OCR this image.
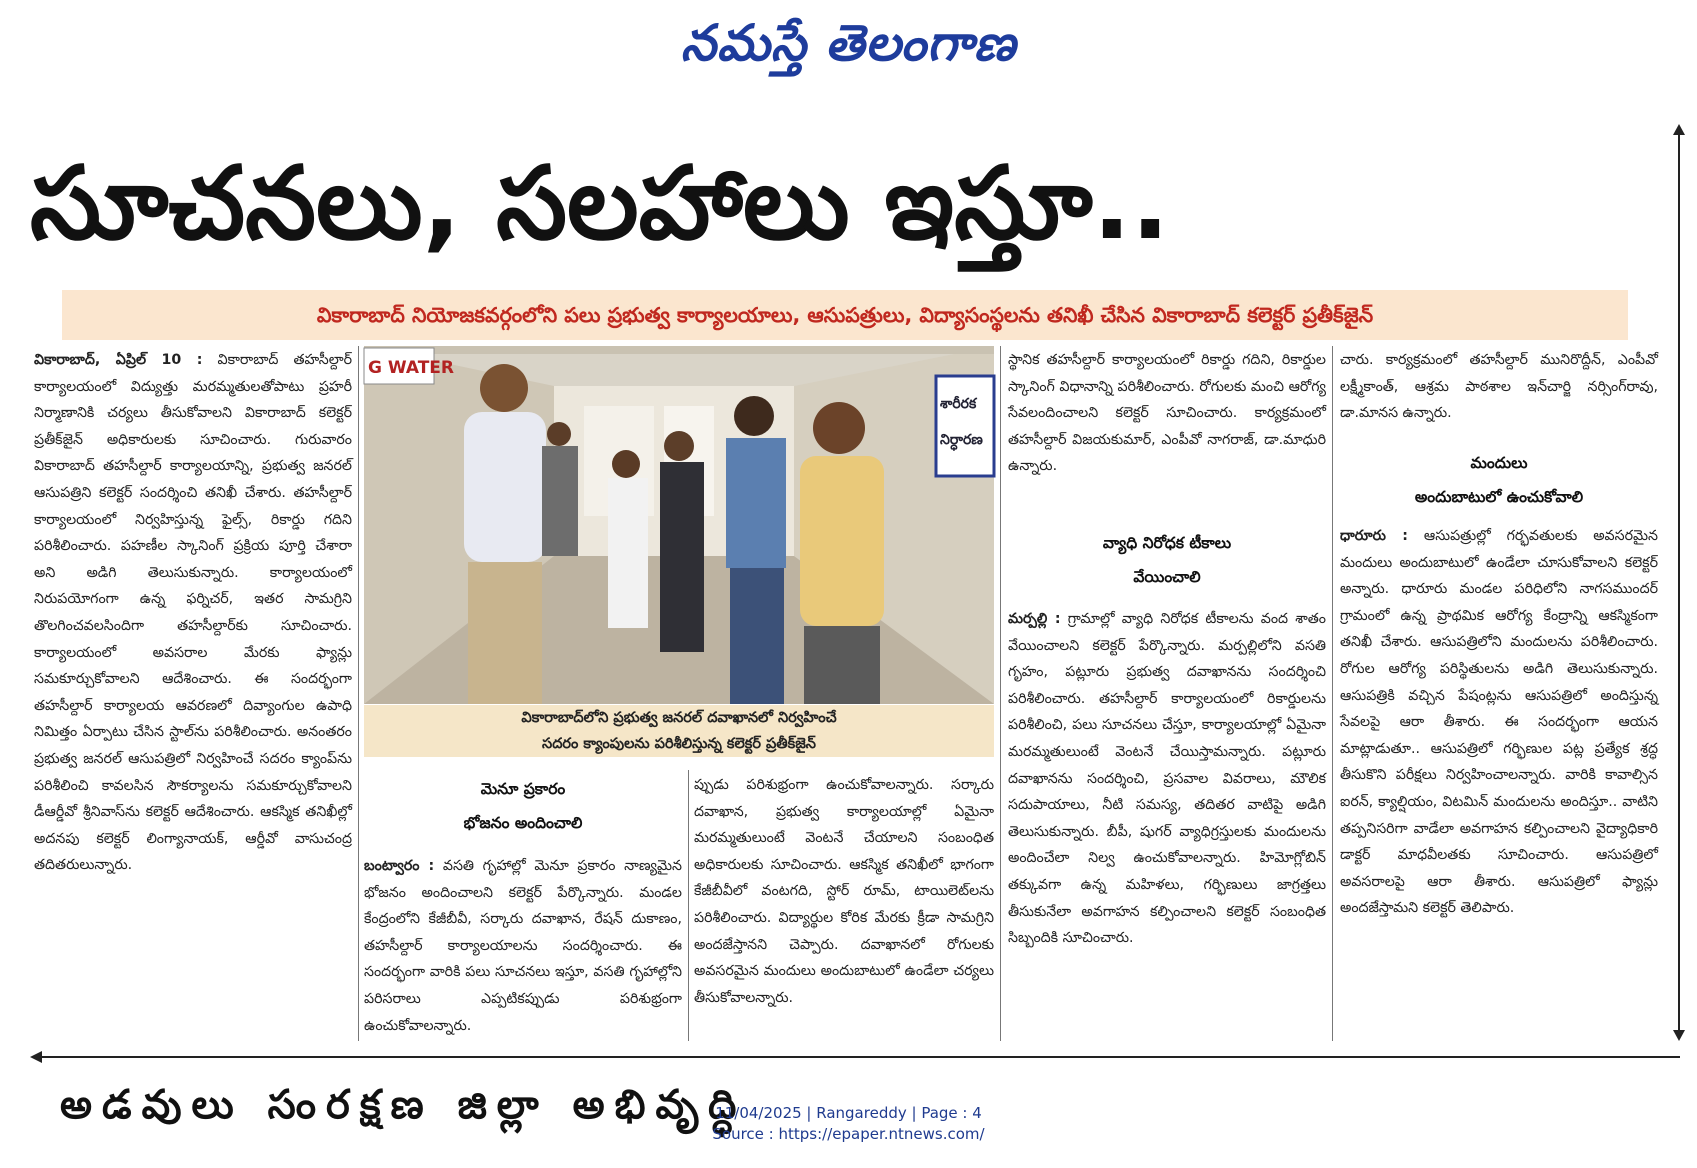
నమస్తే తెలంగాణ
సూచనలు, సలహాలు ఇస్తూ..
వికారాబాద్ నియోజకవర్గంలోని పలు ప్రభుత్వ కార్యాలయాలు, ఆసుపత్రులు, విద్యాసంస్థలను తనిఖీ చేసిన వికారాబాద్ కలెక్టర్ ప్రతీక్‌జైన్

వికారాబాద్, ఏప్రిల్ 10 : వికారాబాద్ తహసీల్దార్ కార్యాలయంలో విద్యుత్తు మరమ్మతులతోపాటు ప్రహరీ నిర్మాణానికి చర్యలు తీసుకోవాలని వికారాబాద్ కలెక్టర్ ప్రతీక్‌జైన్ అధికారులకు సూచించారు. గురువారం వికారాబాద్ తహసీల్దార్ కార్యాలయాన్ని, ప్రభుత్వ జనరల్ ఆసుపత్రిని కలెక్టర్ సందర్శించి తనిఖీ చేశారు. తహసీల్దార్ కార్యాలయంలో నిర్వహిస్తున్న ఫైల్స్, రికార్డు గదిని పరిశీలించారు. పహణీల స్కానింగ్ ప్రక్రియ పూర్తి చేశారా అని అడిగి తెలుసుకున్నారు. కార్యాలయంలో నిరుపయోగంగా ఉన్న ఫర్నిచర్, ఇతర సామగ్రిని తొలగించవలసిందిగా తహసీల్దార్‌కు సూచించారు. కార్యాలయంలో అవసరాల మేరకు ఫ్యాన్లు సమకూర్చుకోవాలని ఆదేశించారు. ఈ సందర్భంగా తహసీల్దార్ కార్యాలయ ఆవరణలో దివ్యాంగుల ఉపాధి నిమిత్తం ఏర్పాటు చేసిన స్టాల్‌ను పరిశీలించారు. అనంతరం ప్రభుత్వ జనరల్ ఆసుపత్రిలో నిర్వహించే సదరం క్యాంప్‌ను పరిశీలించి కావలసిన సౌకర్యాలను సమకూర్చుకోవాలని డీఆర్డీవో శ్రీనివాస్‌ను కలెక్టర్ ఆదేశించారు. ఆకస్మిక తనిఖీల్లో అదనపు కలెక్టర్ లింగ్యానాయక్, ఆర్డీవో వాసుచంద్ర తదితరులున్నారు.

G WATER
శారీరక
నిర్ధారణ
వికారాబాద్‌లోని ప్రభుత్వ జనరల్ దవాఖానలో నిర్వహించే
సదరం క్యాంపులను పరిశీలిస్తున్న కలెక్టర్ ప్రతీక్‌జైన్
మెనూ ప్రకారం
భోజనం అందించాలి

బంట్వారం : వసతి గృహాల్లో మెనూ ప్రకారం నాణ్యమైన భోజనం అందించాలని కలెక్టర్ పేర్కొన్నారు. మండల కేంద్రంలోని కేజీబీవీ, సర్కారు దవాఖాన, రేషన్ దుకాణం, తహసీల్దార్ కార్యాలయాలను సందర్శించారు. ఈ సందర్భంగా వారికి పలు సూచనలు ఇస్తూ, వసతి గృహాల్లోని పరిసరాలు ఎప్పటికప్పుడు పరిశుభ్రంగా ఉంచుకోవాలన్నారు.

ప్పుడు పరిశుభ్రంగా ఉంచుకోవాలన్నారు. సర్కారు దవాఖాన, ప్రభుత్వ కార్యాలయాల్లో ఏమైనా మరమ్మతులుంటే వెంటనే చేయాలని సంబంధిత అధికారులకు సూచించారు. ఆకస్మిక తనిఖీలో భాగంగా కేజీబీవీలో వంటగది, స్టోర్ రూమ్, టాయిలెట్‌లను పరిశీలించారు. విద్యార్థుల కోరిక మేరకు క్రీడా సామగ్రిని అందజేస్తానని చెప్పారు. దవాఖానలో రోగులకు అవసరమైన మందులు అందుబాటులో ఉండేలా చర్యలు తీసుకోవాలన్నారు.

స్థానిక తహసీల్దార్ కార్యాలయంలో రికార్డు గదిని, రికార్డుల స్కానింగ్ విధానాన్ని పరిశీలించారు. రోగులకు మంచి ఆరోగ్య సేవలందించాలని కలెక్టర్ సూచించారు. కార్యక్రమంలో తహసీల్దార్ విజయకుమార్, ఎంపీవో నాగరాజ్, డా.మాధురి ఉన్నారు.

వ్యాధి నిరోధక టీకాలు
వేయించాలి

మర్పల్లి : గ్రామాల్లో వ్యాధి నిరోధక టీకాలను వంద శాతం వేయించాలని కలెక్టర్ పేర్కొన్నారు. మర్పల్లిలోని వసతి గృహం, పట్లూరు ప్రభుత్వ దవాఖానను సందర్శించి పరిశీలించారు. తహసీల్దార్ కార్యాలయంలో రికార్డులను పరిశీలించి, పలు సూచనలు చేస్తూ, కార్యాలయాల్లో ఏమైనా మరమ్మతులుంటే వెంటనే చేయిస్తామన్నారు. పట్లూరు దవాఖానను సందర్శించి, ప్రసవాల వివరాలు, మౌలిక సదుపాయాలు, నీటి సమస్య, తదితర వాటిపై అడిగి తెలుసుకున్నారు. బీపీ, షుగర్ వ్యాధిగ్రస్తులకు మందులను అందించేలా నిల్వ ఉంచుకోవాలన్నారు. హిమోగ్లోబిన్ తక్కువగా ఉన్న మహిళలు, గర్భిణులు జాగ్రత్తలు తీసుకునేలా అవగాహన కల్పించాలని కలెక్టర్ సంబంధిత సిబ్బందికి సూచించారు.

చారు. కార్యక్రమంలో తహసీల్దార్ మునిరొద్దీన్, ఎంపీవో లక్ష్మీకాంత్, ఆశ్రమ పాఠశాల ఇన్‌చార్జి నర్సింగ్‌రావు, డా.మానస ఉన్నారు.

మందులు
అందుబాటులో ఉంచుకోవాలి

ధారూరు : ఆసుపత్రుల్లో గర్భవతులకు అవసరమైన మందులు అందుబాటులో ఉండేలా చూసుకోవాలని కలెక్టర్ అన్నారు. ధారూరు మండల పరిధిలోని నాగసముందర్ గ్రామంలో ఉన్న ప్రాథమిక ఆరోగ్య కేంద్రాన్ని ఆకస్మికంగా తనిఖీ చేశారు. ఆసుపత్రిలోని మందులను పరిశీలించారు. రోగుల ఆరోగ్య పరిస్థితులను అడిగి తెలుసుకున్నారు. ఆసుపత్రికి వచ్చిన పేషంట్లను ఆసుపత్రిలో అందిస్తున్న సేవలపై ఆరా తీశారు. ఈ సందర్భంగా ఆయన మాట్లాడుతూ.. ఆసుపత్రిలో గర్భిణుల పట్ల ప్రత్యేక శ్రద్ధ తీసుకొని పరీక్షలు నిర్వహించాలన్నారు. వారికి కావాల్సిన ఐరన్, క్యాల్షియం, విటమిన్ మందులను అందిస్తూ.. వాటిని తప్పనిసరిగా వాడేలా అవగాహన కల్పించాలని వైద్యాధికారి డాక్టర్ మాధవీలతకు సూచించారు. ఆసుపత్రిలో అవసరాలపై ఆరా తీశారు. ఆసుపత్రిలో ఫ్యాన్లు అందజేస్తామని కలెక్టర్ తెలిపారు.

అడవులు సంరక్షణ జిల్లా అభివృద్ధి
11/04/2025 | Rangareddy | Page : 4
Source : https://epaper.ntnews.com/
